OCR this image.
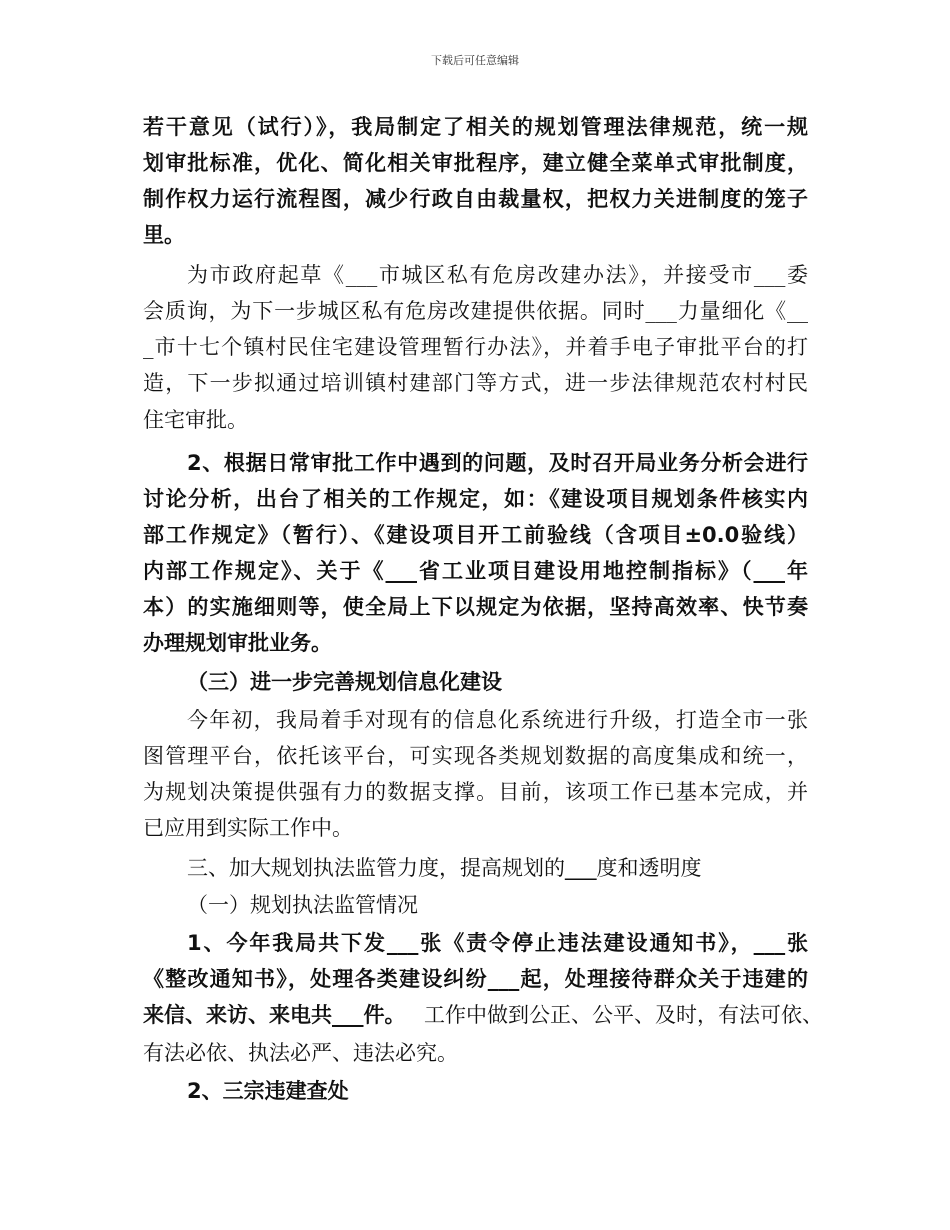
下载后可任意编辑
若干意见（试行）》，我局制定了相关的规划管理法律规范，统一规
划审批标准，优化、简化相关审批程序，建立健全菜单式审批制度，
制作权力运行流程图，减少行政自由裁量权，把权力关进制度的笼子
里。
为市政府起草《___市城区私有危房改建办法》，并接受市___委
会质询，为下一步城区私有危房改建提供依据。同时___力量细化《__
_市十七个镇村民住宅建设管理暂行办法》，并着手电子审批平台的打
造，下一步拟通过培训镇村建部门等方式，进一步法律规范农村村民
住宅审批。
2、根据日常审批工作中遇到的问题，及时召开局业务分析会进行
讨论分析，出台了相关的工作规定，如：《建设项目规划条件核实内
部工作规定》（暂行）、《建设项目开工前验线（含项目±0.0验线）
内部工作规定》、关于《___省工业项目建设用地控制指标》（___年
本）的实施细则等，使全局上下以规定为依据，坚持高效率、快节奏
办理规划审批业务。
（三）进一步完善规划信息化建设
今年初，我局着手对现有的信息化系统进行升级，打造全市一张
图管理平台，依托该平台，可实现各类规划数据的高度集成和统一，
为规划决策提供强有力的数据支撑。目前，该项工作已基本完成，并
已应用到实际工作中。
三、加大规划执法监管力度，提高规划的___度和透明度
（一）规划执法监管情况
1、今年我局共下发___张《责令停止违法建设通知书》，___张
《整改通知书》，处理各类建设纠纷___起，处理接待群众关于违建的
来信、来访、来电共___件。 工作中做到公正、公平、及时，有法可依、
有法必依、执法必严、违法必究。
2、三宗违建查处
